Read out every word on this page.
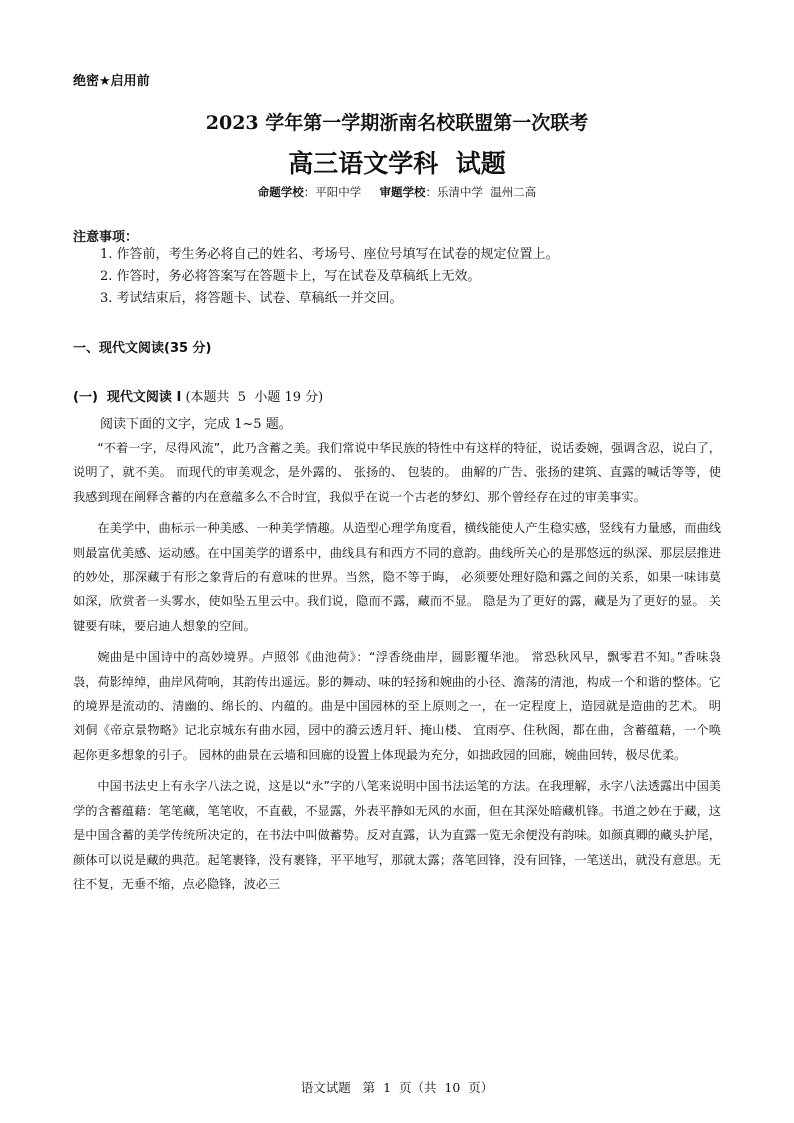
绝密★启用前
2023 学年第一学期浙南名校联盟第一次联考
高三语文学科  试题
命题学校：平阳中学 审题学校：乐清中学  温州二高
注意事项：
1. 作答前，考生务必将自己的姓名、考场号、座位号填写在试卷的规定位置上。
2. 作答时，务必将答案写在答题卡上，写在试卷及草稿纸上无效。
3. 考试结束后，将答题卡、试卷、草稿纸一并交回。
一、现代文阅读(35 分)
(一)  现代文阅读 I (本题共  5  小题 19 分)
阅读下面的文字，完成 1~5 题。

“不着一字，尽得风流”，此乃含蓄之美。我们常说中华民族的特性中有这样的特征，说话委婉，强调含忍，说白了，说明了，就不美。 而现代的审美观念，是外露的、 张扬的、 包装的。 曲解的广告、张扬的建筑、直露的喊话等等，使我感到现在阐释含蓄的内在意蕴多么不合时宜，我似乎在说一个古老的梦幻、那个曾经存在过的审美事实。

在美学中，曲标示一种美感、一种美学情趣。从造型心理学角度看，横线能使人产生稳实感，竖线有力量感，而曲线则最富优美感、运动感。在中国美学的谱系中，曲线具有和西方不同的意韵。曲线所关心的是那悠远的纵深、那层层推进的妙处，那深藏于有形之象背后的有意味的世界。当然，隐不等于晦， 必须要处理好隐和露之间的关系，如果一味讳莫如深，欣赏者一头雾水，使如坠五里云中。我们说，隐而不露，藏而不显。 隐是为了更好的露，藏是为了更好的显。 关键要有味，要启迪人想象的空间。

婉曲是中国诗中的高妙境界。卢照邻《曲池荷》：“浮香绕曲岸，圆影覆华池。 常恐秋风早，飘零君不知。”香味袅袅，荷影绰绰，曲岸风荷响，其韵传出遥远。影的舞动、味的轻扬和婉曲的小径、澹荡的清池，构成一个和谐的整体。它的境界是流动的、清幽的、绵长的、内蕴的。曲是中国园林的至上原则之一，在一定程度上，造园就是造曲的艺术。 明刘侗《帝京景物略》记北京城东有曲水园，园中的漪云透月轩、掩山楼、 宜雨亭、住秋阁，都在曲，含蓄蕴藉，一个唤起你更多想象的引子。 园林的曲景在云墙和回廊的设置上体现最为充分，如拙政园的回廊，婉曲回转，极尽优柔。

中国书法史上有永字八法之说，这是以“永”字的八笔来说明中国书法运笔的方法。在我理解，永字八法透露出中国美学的含蓄蕴藉：笔笔藏，笔笔收，不直截，不显露，外表平静如无风的水面，但在其深处暗藏机锋。书道之妙在于藏，这是中国含蓄的美学传统所决定的，在书法中叫做蓄势。反对直露，认为直露一览无余便没有韵味。如颜真卿的藏头护尾，颜体可以说是藏的典范。起笔裹锋，没有裹锋，平平地写，那就太露；落笔回锋，没有回锋，一笔送出，就没有意思。无往不复，无垂不缩，点必隐锋，波必三

语文试题   第  1  页（共  10  页）
